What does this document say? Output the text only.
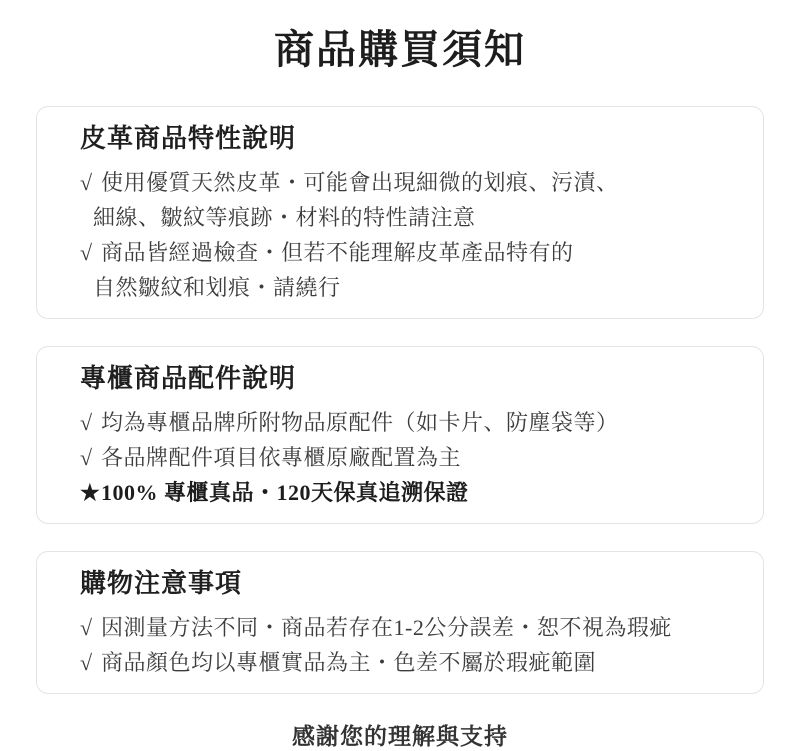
商品購買須知
皮革商品特性說明
√ 使用優質天然皮革・可能會出現細微的划痕、污漬、
細線、皺紋等痕跡・材料的特性請注意
√ 商品皆經過檢查・但若不能理解皮革產品特有的
自然皺紋和划痕・請繞行
專櫃商品配件說明
√ 均為專櫃品牌所附物品原配件（如卡片、防塵袋等）
√ 各品牌配件項目依專櫃原廠配置為主
★100% 專櫃真品・120天保真追溯保證
購物注意事項
√ 因測量方法不同・商品若存在1-2公分誤差・恕不視為瑕疵
√ 商品顏色均以專櫃實品為主・色差不屬於瑕疵範圍
感謝您的理解與支持
